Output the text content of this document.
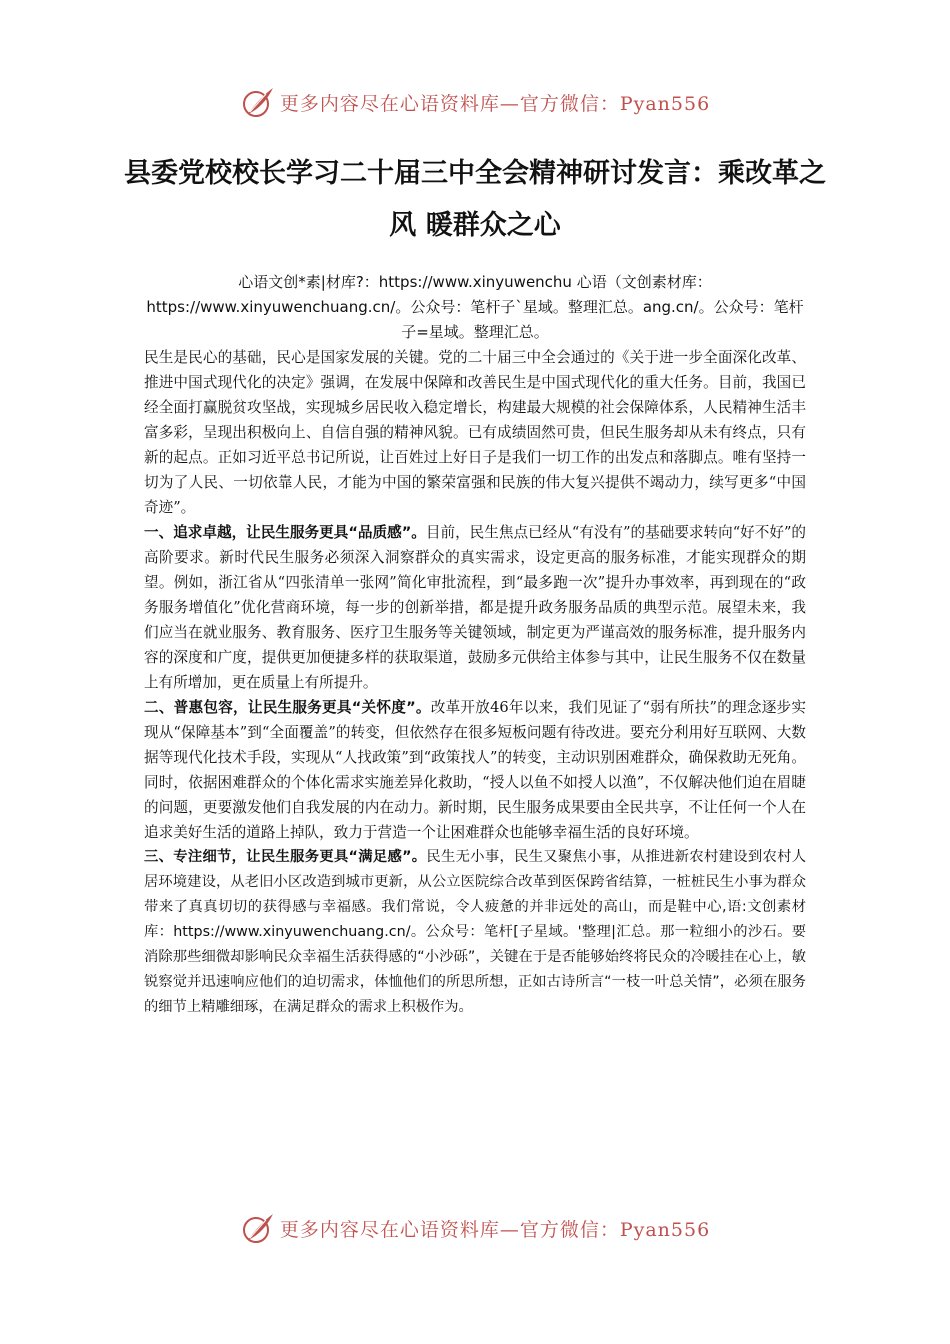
更多内容尽在心语资料库—官方微信：Pyan556
县委党校校长学习二十届三中全会精神研讨发言：乘改革之风 暖群众之心

心语文创*素|材库?：https://www.xinyuwenchu 心语（文创素材库：https://www.xinyuwenchuang.cn/。公众号：笔杆子`星域。整理汇总。ang.cn/。公众号：笔杆子=星域。整理汇总。

民生是民心的基础，民心是国家发展的关键。党的二十届三中全会通过的《关于进一步全面深化改革、推进中国式现代化的决定》强调，在发展中保障和改善民生是中国式现代化的重大任务。目前，我国已经全面打赢脱贫攻坚战，实现城乡居民收入稳定增长，构建最大规模的社会保障体系，人民精神生活丰富多彩，呈现出积极向上、自信自强的精神风貌。已有成绩固然可贵，但民生服务却从未有终点，只有新的起点。正如习近平总书记所说，让百姓过上好日子是我们一切工作的出发点和落脚点。唯有坚持一切为了人民、一切依靠人民，才能为中国的繁荣富强和民族的伟大复兴提供不竭动力，续写更多“中国奇迹”。

一、追求卓越，让民生服务更具“品质感”。目前，民生焦点已经从“有没有”的基础要求转向“好不好”的高阶要求。新时代民生服务必须深入洞察群众的真实需求，设定更高的服务标准，才能实现群众的期望。例如，浙江省从“四张清单一张网”简化审批流程，到“最多跑一次”提升办事效率，再到现在的“政务服务增值化”优化营商环境，每一步的创新举措，都是提升政务服务品质的典型示范。展望未来，我们应当在就业服务、教育服务、医疗卫生服务等关键领域，制定更为严谨高效的服务标准，提升服务内容的深度和广度，提供更加便捷多样的获取渠道，鼓励多元供给主体参与其中，让民生服务不仅在数量上有所增加，更在质量上有所提升。

二、普惠包容，让民生服务更具“关怀度”。改革开放46年以来，我们见证了“弱有所扶”的理念逐步实现从“保障基本”到“全面覆盖”的转变，但依然存在很多短板问题有待改进。要充分利用好互联网、大数据等现代化技术手段，实现从“人找政策”到“政策找人”的转变，主动识别困难群众，确保救助无死角。同时，依据困难群众的个体化需求实施差异化救助，“授人以鱼不如授人以渔”，不仅解决他们迫在眉睫的问题，更要激发他们自我发展的内在动力。新时期，民生服务成果要由全民共享，不让任何一个人在追求美好生活的道路上掉队，致力于营造一个让困难群众也能够幸福生活的良好环境。

三、专注细节，让民生服务更具“满足感”。民生无小事，民生又聚焦小事，从推进新农村建设到农村人居环境建设，从老旧小区改造到城市更新，从公立医院综合改革到医保跨省结算，一桩桩民生小事为群众带来了真真切切的获得感与幸福感。我们常说，令人疲惫的并非远处的高山，而是鞋中心,语:文创素材库：https://www.xinyuwenchuang.cn/。公众号：笔杆[子星域。'整理|汇总。那一粒细小的沙石。要消除那些细微却影响民众幸福生活获得感的“小沙砾”，关键在于是否能够始终将民众的冷暖挂在心上，敏锐察觉并迅速响应他们的迫切需求，体恤他们的所思所想，正如古诗所言“一枝一叶总关情”，必须在服务的细节上精雕细琢，在满足群众的需求上积极作为。

更多内容尽在心语资料库—官方微信：Pyan556
